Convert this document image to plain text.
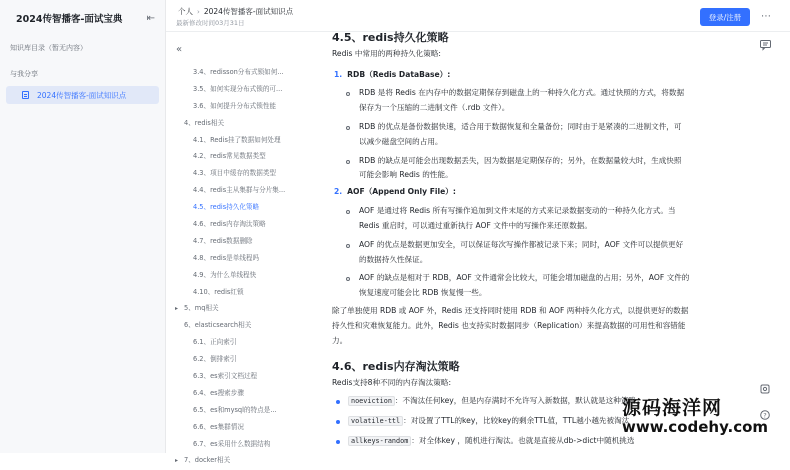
2024传智播客-面试宝典 ⇤
知识库目录（暂无内容）
与我分享
2024传智播客-面试知识点
个人 › 2024传智播客-面试知识点
最新修改时间03月31日
登录/注册	⋯
«
3.4、redisson分布式锁如何...
3.5、如何实现分布式锁的可...
3.6、如何提升分布式锁性能
4、redis相关
4.1、Redis挂了数据如何处理
4.2、redis常见数据类型
4.3、项目中缓存的数据类型
4.4、redis主从集群与分片集...
4.5、redis持久化策略
4.6、redis内存淘汰策略
4.7、redis数据删除
4.8、redis是单线程吗
4.9、为什么单线程快
4.10、redis红锁
▸ 5、mq相关
6、elasticsearch相关
6.1、正向索引
6.2、倒排索引
6.3、es索引文档过程
6.4、es搜索步骤
6.5、es和mysql的特点是...
6.6、es集群情况
6.7、es采用什么数据结构
▸ 7、docker相关
4.5、redis持久化策略
Redis 中常用的两种持久化策略:
1. RDB（Redis DataBase）:
RDB 是将 Redis 在内存中的数据定期保存到磁盘上的一种持久化方式。通过快照的方式，将数据
保存为一个压缩的二进制文件（.rdb 文件）。
RDB 的优点是备份数据快速，适合用于数据恢复和全量备份；同时由于是紧凑的二进制文件，可
以减少磁盘空间的占用。
RDB 的缺点是可能会出现数据丢失，因为数据是定期保存的；另外，在数据量较大时，生成快照
可能会影响 Redis 的性能。
2. AOF（Append Only File）:
AOF 是通过将 Redis 所有写操作追加到文件末尾的方式来记录数据变动的一种持久化方式。当
Redis 重启时，可以通过重新执行 AOF 文件中的写操作来还原数据。
AOF 的优点是数据更加安全，可以保证每次写操作都被记录下来；同时，AOF 文件可以提供更好
的数据持久性保证。
AOF 的缺点是相对于 RDB，AOF 文件通常会比较大，可能会增加磁盘的占用；另外，AOF 文件的
恢复速度可能会比 RDB 恢复慢一些。
除了单独使用 RDB 或 AOF 外，Redis 还支持同时使用 RDB 和 AOF 两种持久化方式，以提供更好的数据
持久性和灾难恢复能力。此外，Redis 也支持实时数据同步（Replication）来提高数据的可用性和容错能
力。
4.6、redis内存淘汰策略
Redis支持8种不同的内存淘汰策略:
noeviction ：不淘汰任何key，但是内存满时不允许写入新数据，默认就是这种策略。
volatile-ttl ：对设置了TTL的key，比较key的剩余TTL值，TTL越小越先被淘汰
allkeys-random ：对全体key ，随机进行淘汰。也就是直接从db->dict中随机挑选
?
源码海洋网
www.codehy.com
